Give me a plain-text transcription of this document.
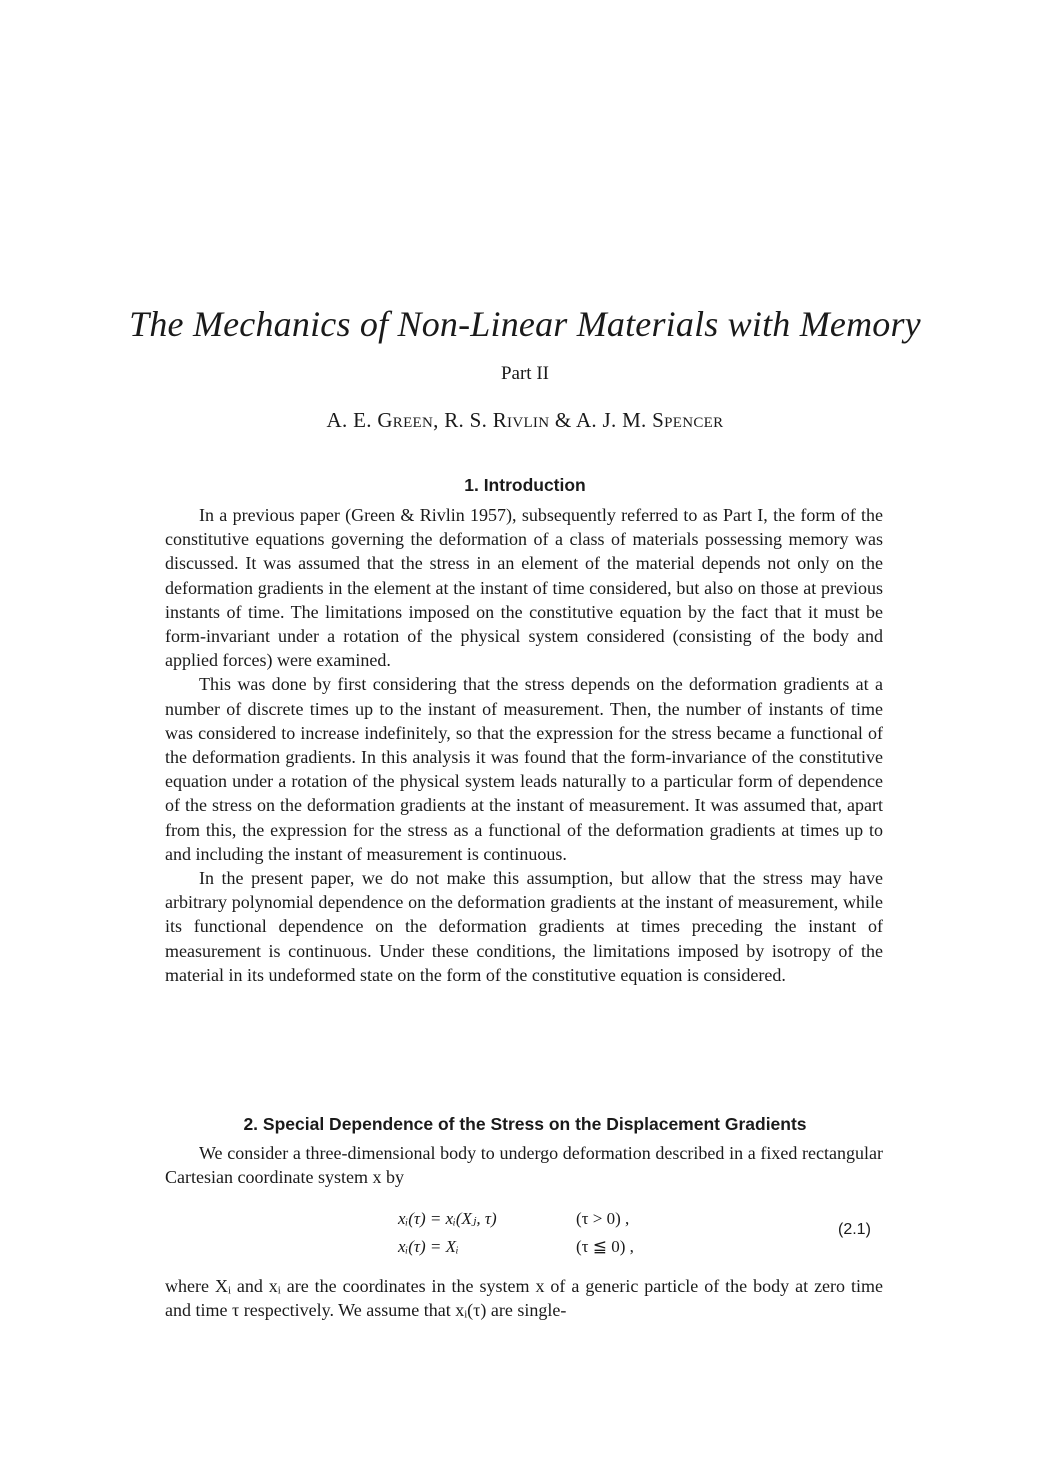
The Mechanics of Non-Linear Materials with Memory
Part II
A. E. Green, R. S. Rivlin & A. J. M. Spencer
1. Introduction

In a previous paper (Green & Rivlin 1957), subsequently referred to as Part I, the form of the constitutive equations governing the deformation of a class of materials possessing memory was discussed. It was assumed that the stress in an element of the material depends not only on the deformation gradients in the element at the instant of time considered, but also on those at previous instants of time. The limitations imposed on the constitutive equation by the fact that it must be form-invariant under a rotation of the physical system considered (consisting of the body and applied forces) were examined.

This was done by first considering that the stress depends on the deformation gradients at a number of discrete times up to the instant of measurement. Then, the number of instants of time was considered to increase indefinitely, so that the expression for the stress became a functional of the deformation gradients. In this analysis it was found that the form-invariance of the constitutive equation under a rotation of the physical system leads naturally to a particular form of dependence of the stress on the deformation gradients at the instant of measurement. It was assumed that, apart from this, the expression for the stress as a functional of the deformation gradients at times up to and including the instant of measurement is continuous.

In the present paper, we do not make this assumption, but allow that the stress may have arbitrary polynomial dependence on the deformation gradients at the instant of measurement, while its functional dependence on the deformation gradients at times preceding the instant of measurement is continuous. Under these conditions, the limitations imposed by isotropy of the material in its undeformed state on the form of the constitutive equation is considered.

2. Special Dependence of the Stress on the Displacement Gradients

We consider a three-dimensional body to undergo deformation described in a fixed rectangular Cartesian coordinate system x by

xᵢ(τ) = xᵢ(Xⱼ, τ)	(τ > 0) ,
xᵢ(τ) = Xᵢ	(τ ≦ 0) ,
(2.1)

where Xᵢ and xᵢ are the coordinates in the system x of a generic particle of the body at zero time and time τ respectively. We assume that xᵢ(τ) are single-
